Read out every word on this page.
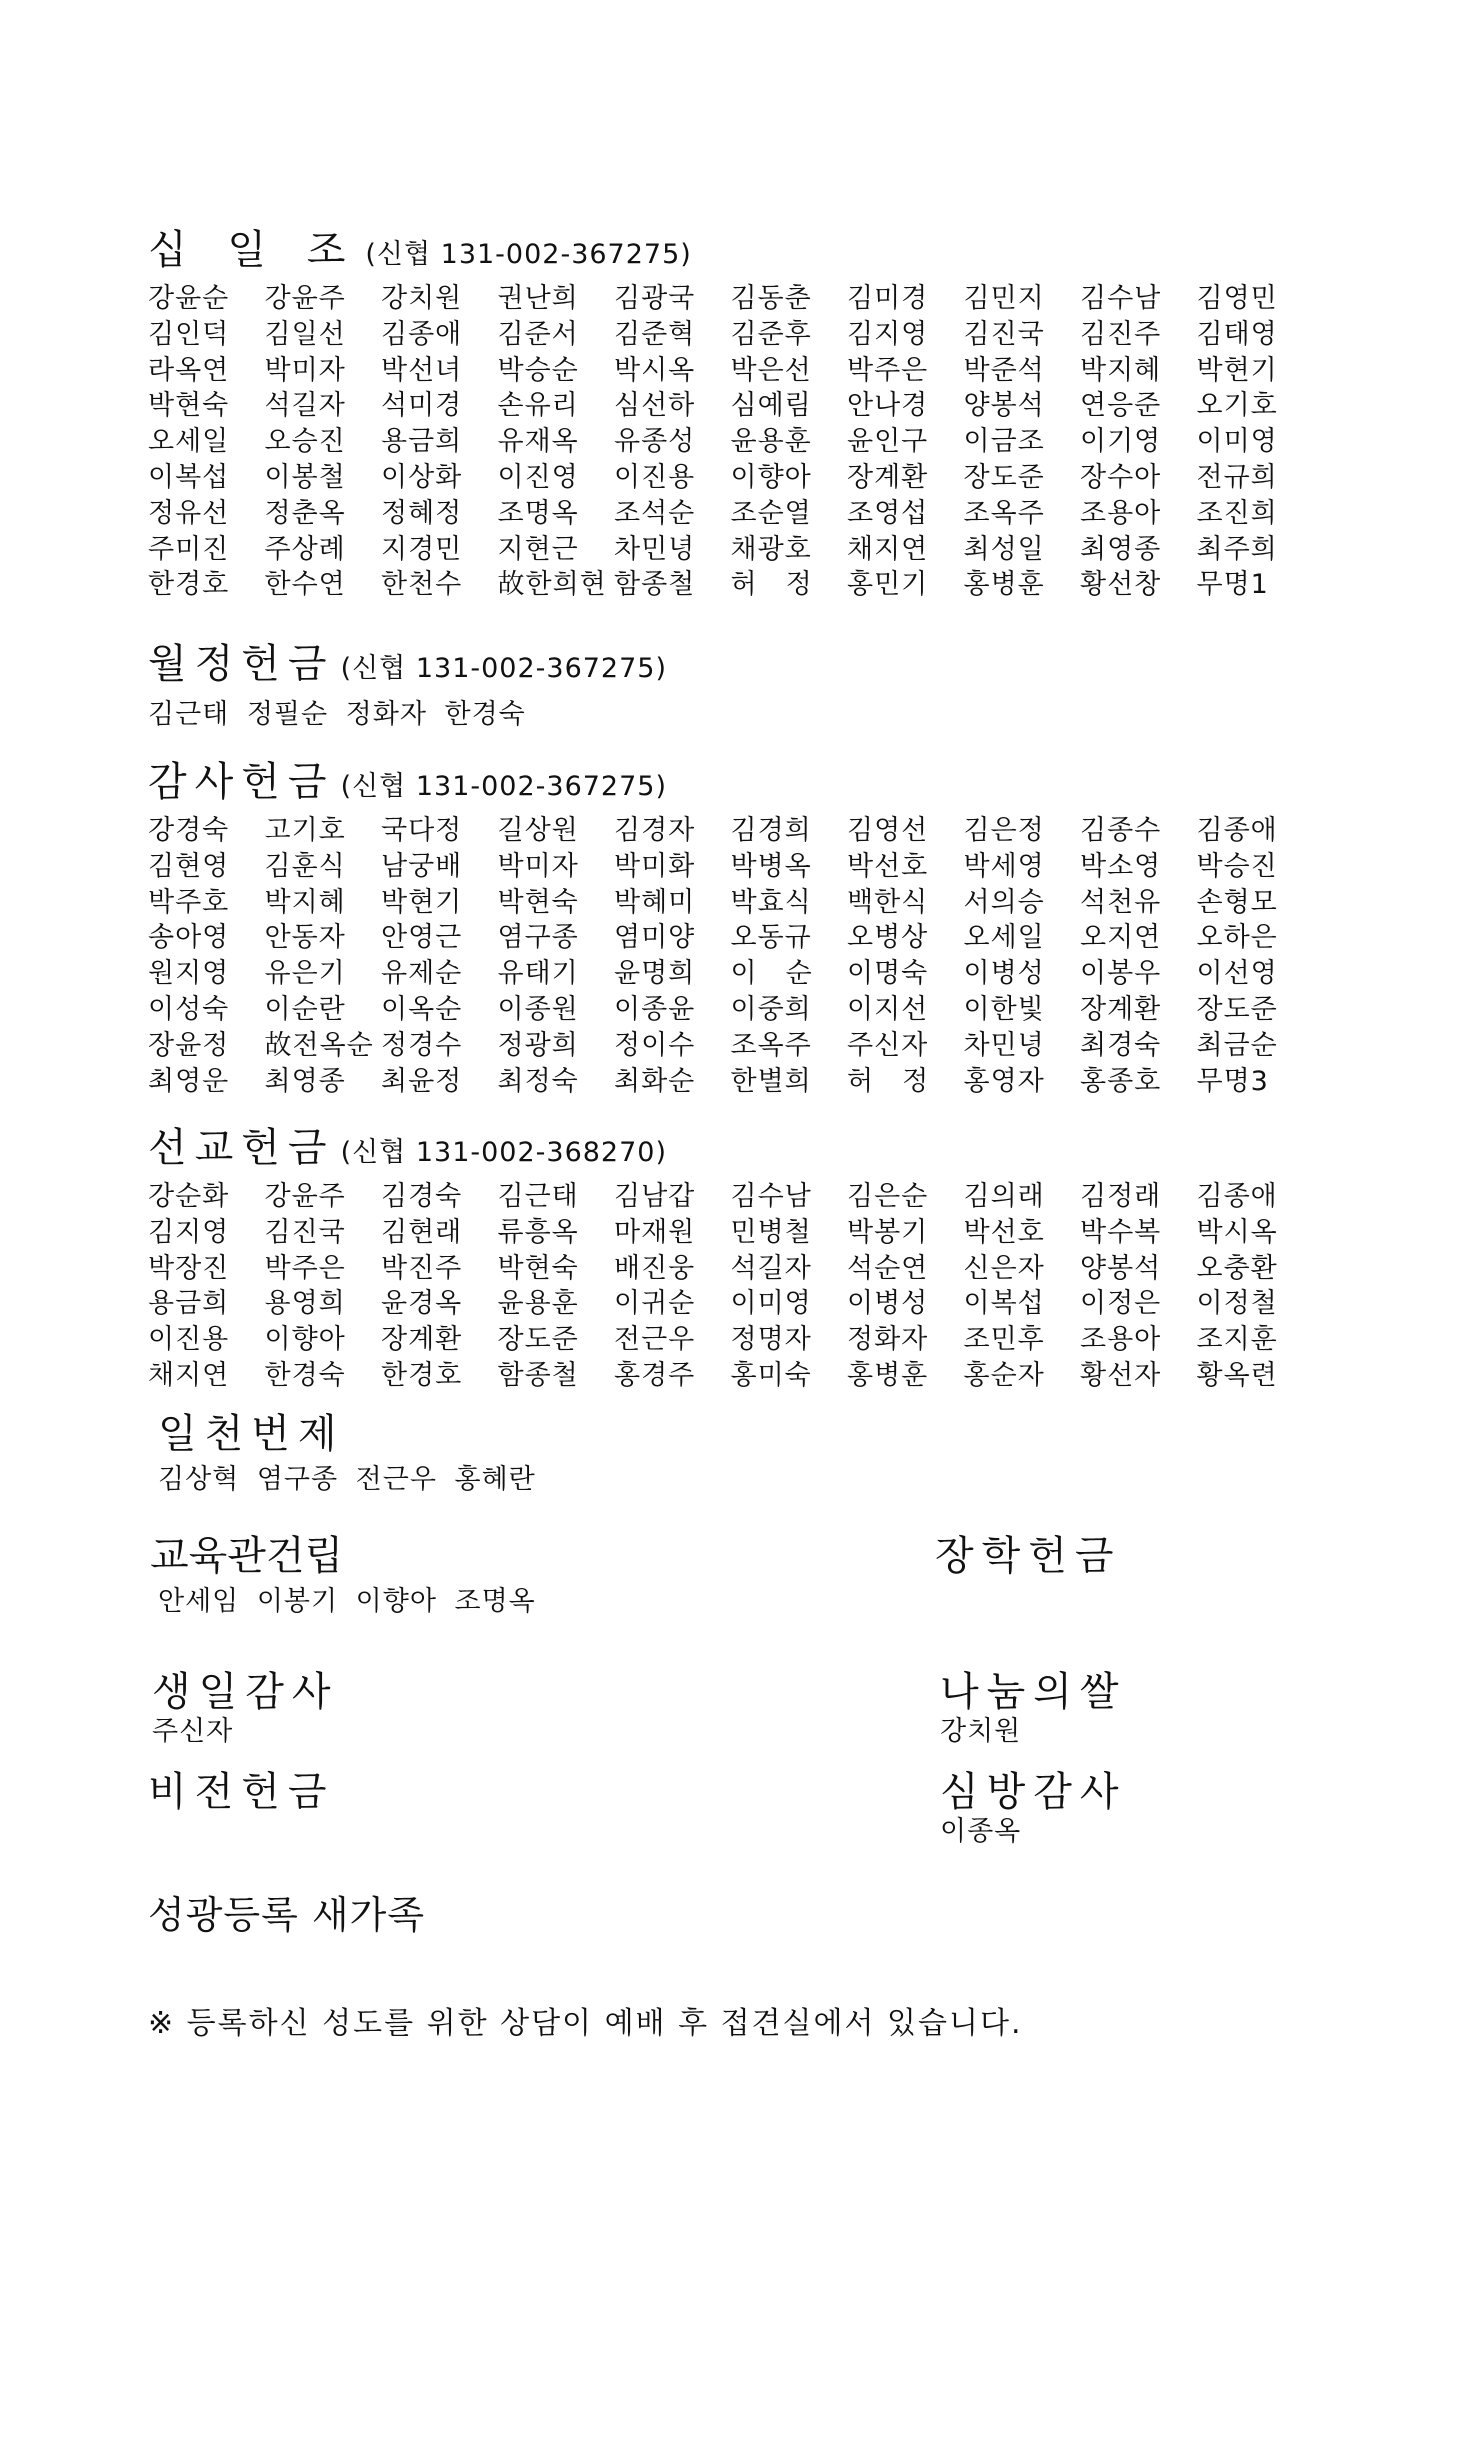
십 일 조 (신협 131-002-367275)
강윤순	강윤주	강치원	권난희	김광국	김동춘	김미경	김민지	김수남	김영민
김인덕	김일선	김종애	김준서	김준혁	김준후	김지영	김진국	김진주	김태영
라옥연	박미자	박선녀	박승순	박시옥	박은선	박주은	박준석	박지혜	박현기
박현숙	석길자	석미경	손유리	심선하	심예림	안나경	양봉석	연응준	오기호
오세일	오승진	용금희	유재옥	유종성	윤용훈	윤인구	이금조	이기영	이미영
이복섭	이봉철	이상화	이진영	이진용	이향아	장계환	장도준	장수아	전규희
정유선	정춘옥	정혜정	조명옥	조석순	조순열	조영섭	조옥주	조용아	조진희
주미진	주상례	지경민	지현근	차민녕	채광호	채지연	최성일	최영종	최주희
한경호	한수연	한천수	故한희현 함종철	허　정	홍민기	홍병훈	황선창	무명1
월정헌금 (신협 131-002-367275)
김근태 정필순 정화자 한경숙
감사헌금 (신협 131-002-367275)
강경숙	고기호	국다정	길상원	김경자	김경희	김영선	김은정	김종수	김종애
김현영	김훈식	남궁배	박미자	박미화	박병옥	박선호	박세영	박소영	박승진
박주호	박지혜	박현기	박현숙	박혜미	박효식	백한식	서의승	석천유	손형모
송아영	안동자	안영근	염구종	염미양	오동규	오병상	오세일	오지연	오하은
원지영	유은기	유제순	유태기	윤명희	이　순	이명숙	이병성	이봉우	이선영
이성숙	이순란	이옥순	이종원	이종윤	이중희	이지선	이한빛	장계환	장도준
장윤정	故전옥순 정경수	정광희	정이수	조옥주	주신자	차민녕	최경숙	최금순
최영운	최영종	최윤정	최정숙	최화순	한별희	허　정	홍영자	홍종호	무명3
선교헌금 (신협 131-002-368270)
강순화	강윤주	김경숙	김근태	김남갑	김수남	김은순	김의래	김정래	김종애
김지영	김진국	김현래	류흥옥	마재원	민병철	박봉기	박선호	박수복	박시옥
박장진	박주은	박진주	박현숙	배진웅	석길자	석순연	신은자	양봉석	오충환
용금희	용영희	윤경옥	윤용훈	이귀순	이미영	이병성	이복섭	이정은	이정철
이진용	이향아	장계환	장도준	전근우	정명자	정화자	조민후	조용아	조지훈
채지연	한경숙	한경호	함종철	홍경주	홍미숙	홍병훈	홍순자	황선자	황옥련
일천번제
김상혁 염구종 전근우 홍혜란
교육관건립
안세임 이봉기 이향아 조명옥
장학헌금
생일감사
주신자
나눔의쌀
강치원
비전헌금	심방감사
이종옥
성광등록 새가족
※ 등록하신 성도를 위한 상담이 예배 후 접견실에서 있습니다.
